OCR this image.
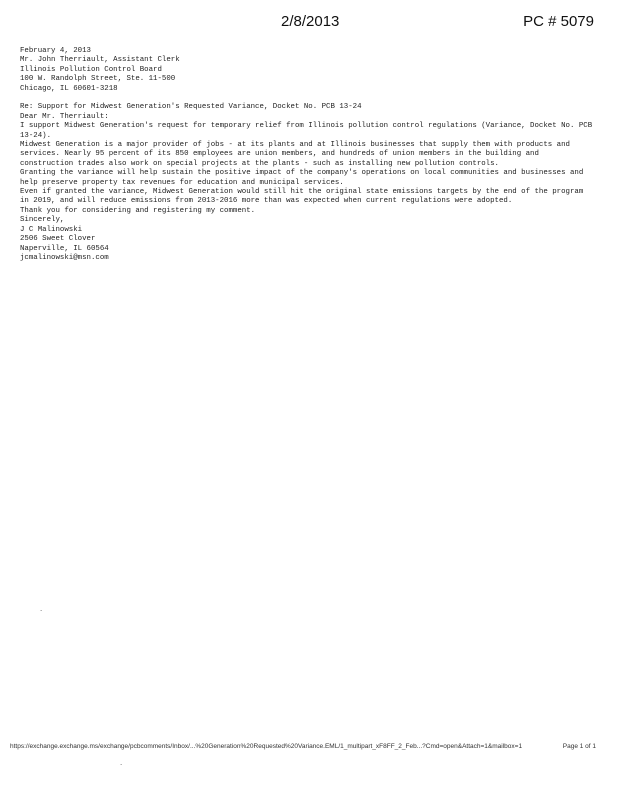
2/8/2013	PC # 5079

February 4, 2013

Mr. John Therriault, Assistant Clerk

Illinois Pollution Control Board

100 W. Randolph Street, Ste. 11-500

Chicago, IL 60601-3218

Re: Support for Midwest Generation's Requested Variance, Docket No. PCB 13-24

Dear Mr. Therriault:

I support Midwest Generation's request for temporary relief from Illinois pollution control regulations (Variance, Docket No. PCB 13-24).

Midwest Generation is a major provider of jobs - at its plants and at Illinois businesses that supply them with products and services. Nearly 95 percent of its 850 employees are union members, and hundreds of union members in the building and construction trades also work on special projects at the plants - such as installing new pollution controls.

Granting the variance will help sustain the positive impact of the company's operations on local communities and businesses and help preserve property tax revenues for education and municipal services.

Even if granted the variance, Midwest Generation would still hit the original state emissions targets by the end of the program in 2019, and will reduce emissions from 2013-2016 more than was expected when current regulations were adopted.

Thank you for considering and registering my comment.

Sincerely,

J C Malinowski

2506 Sweet Clover

Naperville, IL 60564

jcmalinowski@msn.com

.
https://exchange.exchange.ms/exchange/pcbcomments/Inbox/...%20Generation%20Requested%20Variance.EML/1_multipart_xF8FF_2_Feb...?Cmd=open&Attach=1&mailbox=1	Page 1 of 1
.
